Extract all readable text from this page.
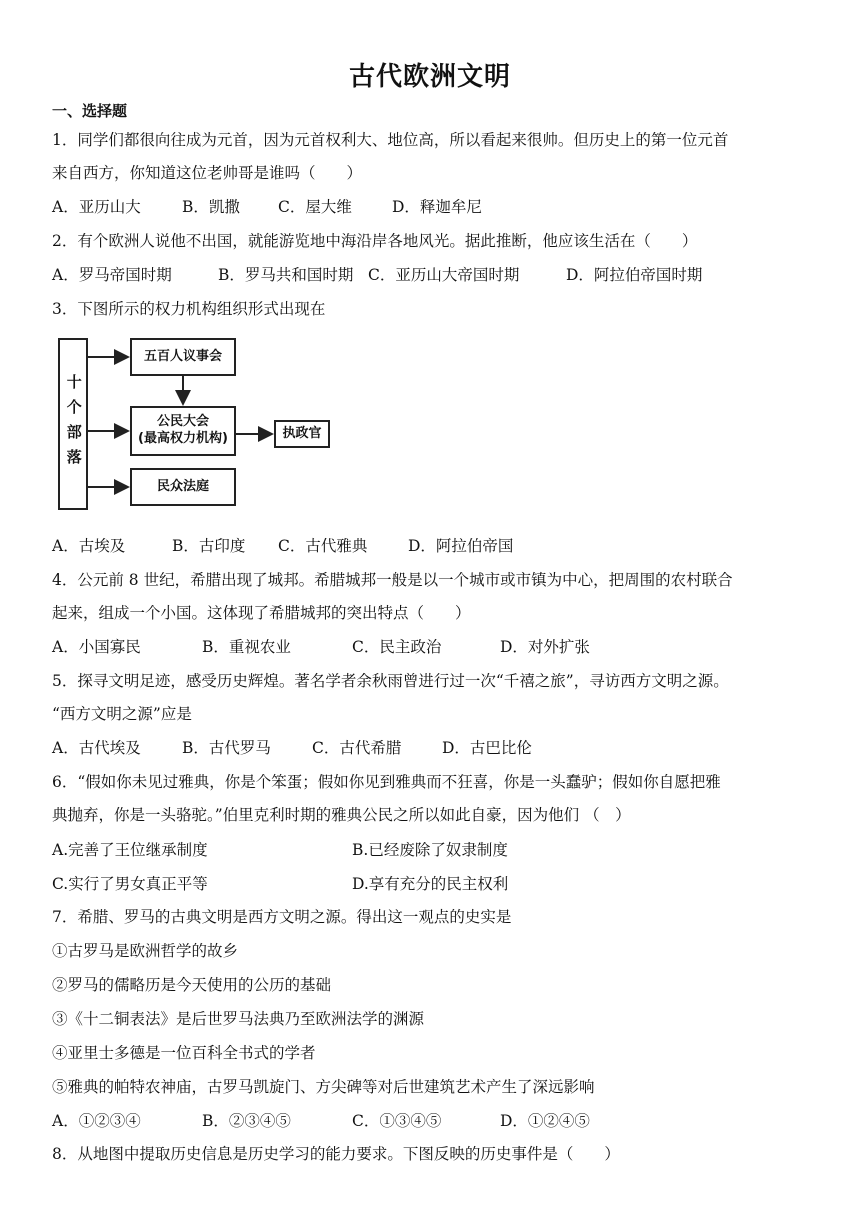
古代欧洲文明
一、选择题
1．同学们都很向往成为元首，因为元首权利大、地位高，所以看起来很帅。但历史上的第一位元首
来自西方，你知道这位老帅哥是谁吗（　　）
A．亚历山大	B．凯撒 C．屋大维	D．释迦牟尼
2．有个欧洲人说他不出国，就能游览地中海沿岸各地风光。据此推断，他应该生活在（　　）
A．罗马帝国时期	B．罗马共和国时期 C．亚历山大帝国时期	D．阿拉伯帝国时期
3．下图所示的权力机构组织形式出现在
十个部落
五百人议事会
公民大会
(最高权力机构)	执政官
民众法庭
A．古埃及	B．古印度 C．古代雅典	D．阿拉伯帝国
4．公元前 8 世纪，希腊出现了城邦。希腊城邦一般是以一个城市或市镇为中心，把周围的农村联合
起来，组成一个小国。这体现了希腊城邦的突出特点（　　）
A．小国寡民	B．重视农业	C．民主政治	D．对外扩张
5．探寻文明足迹，感受历史辉煌。著名学者余秋雨曾进行过一次“千禧之旅”，寻访西方文明之源。
“西方文明之源”应是
A．古代埃及	B．古代罗马	C．古代希腊	D．古巴比伦
6．“假如你未见过雅典，你是个笨蛋；假如你见到雅典而不狂喜，你是一头蠢驴；假如你自愿把雅
典抛弃，你是一头骆驼。”伯里克利时期的雅典公民之所以如此自豪，因为他们 （　）
A.完善了王位继承制度	B.已经废除了奴隶制度
C.实行了男女真正平等	D.享有充分的民主权利
7．希腊、罗马的古典文明是西方文明之源。得出这一观点的史实是
①古罗马是欧洲哲学的故乡
②罗马的儒略历是今天使用的公历的基础
③《十二铜表法》是后世罗马法典乃至欧洲法学的渊源
④亚里士多德是一位百科全书式的学者
⑤雅典的帕特农神庙，古罗马凯旋门、方尖碑等对后世建筑艺术产生了深远影响
A．①②③④	B．②③④⑤	C．①③④⑤	D．①②④⑤
8．从地图中提取历史信息是历史学习的能力要求。下图反映的历史事件是（　　）
